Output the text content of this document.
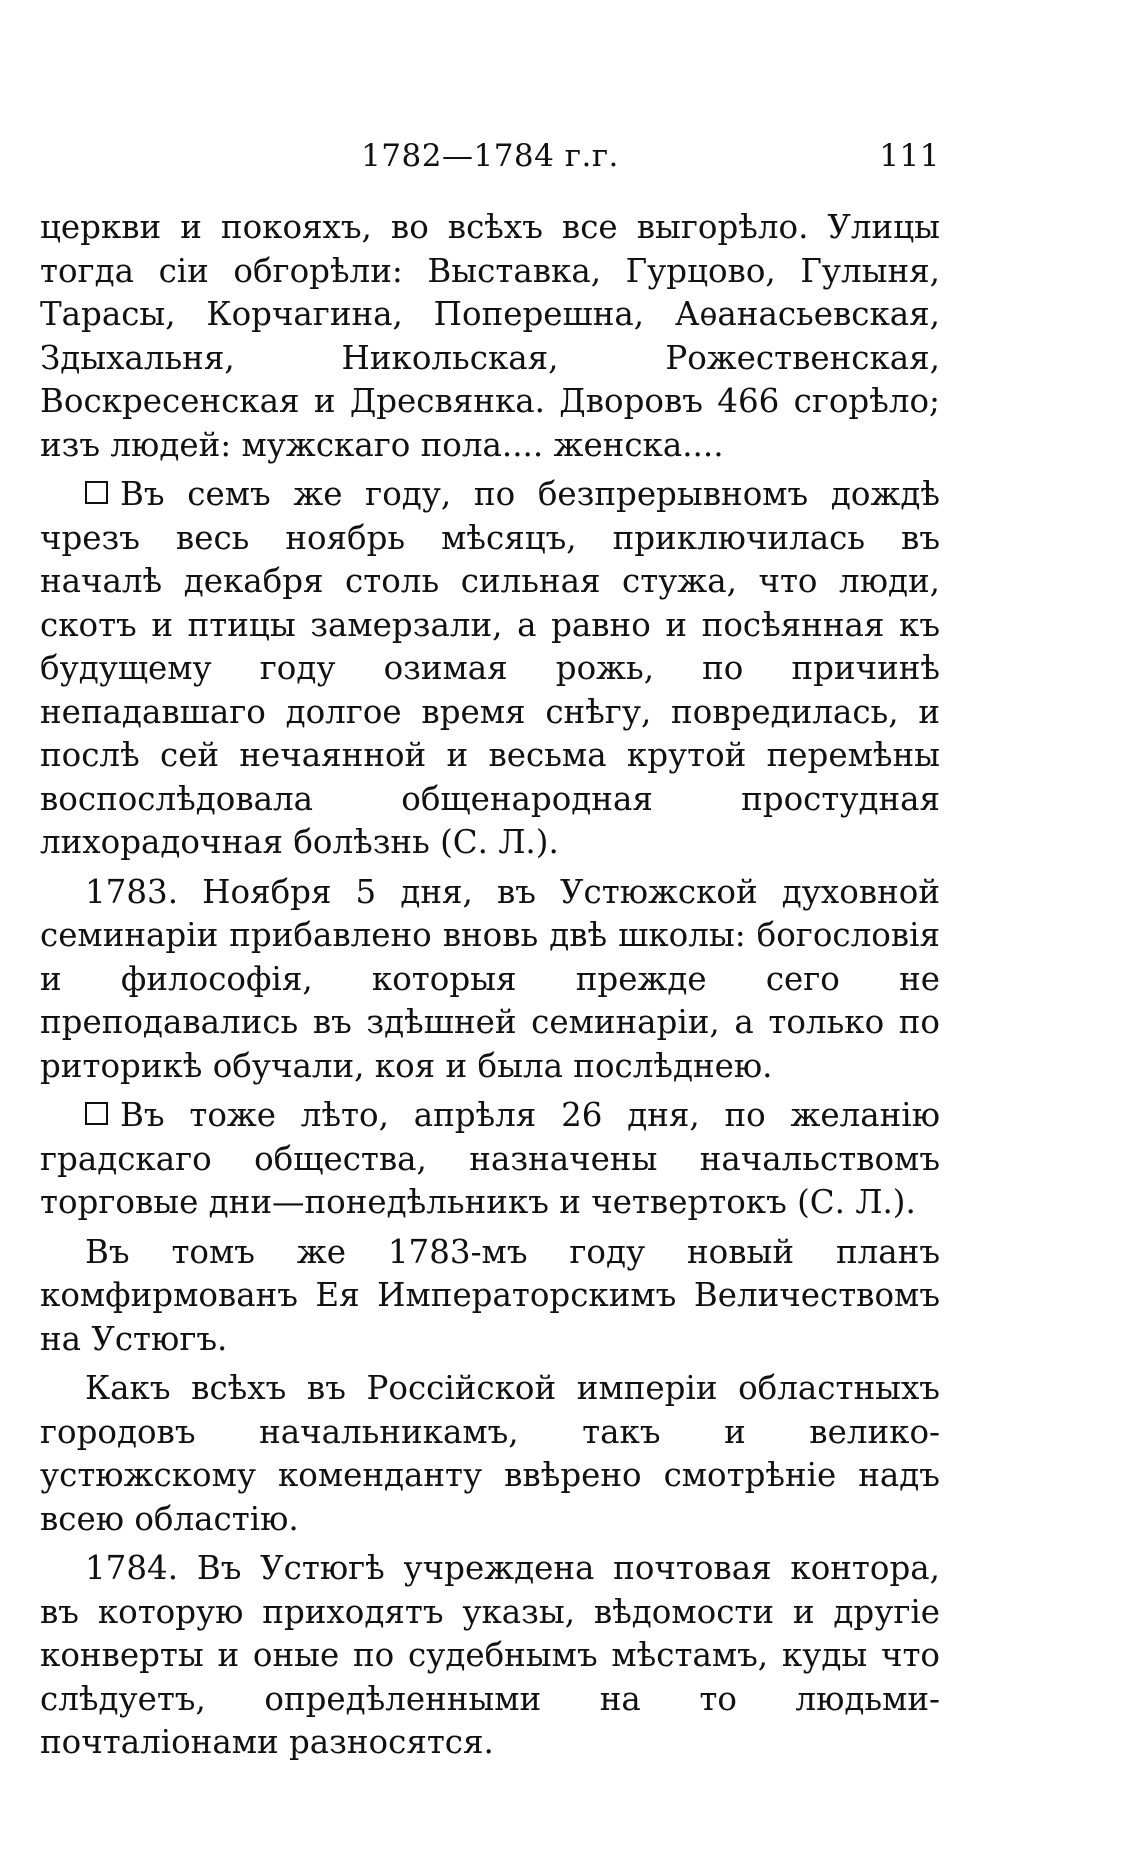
1782—1784 г.г.	111

церкви и покояхъ, во всѣхъ все выгорѣло. Улицы тогда сіи обгорѣли: Выставка, Гурцово, Гулыня, Тарасы, Корчагина, Поперешна, Аѳанасьевская, Здыхальня, Никольская, Рожественская, Воскресенская и Дресвянка. Дворовъ 466 сгорѣло; изъ людей: мужскаго пола.... женска....

Въ семъ же году, по безпрерывномъ дождѣ чрезъ весь ноябрь мѣсяцъ, приключилась въ началѣ декабря столь сильная стужа, что люди, скотъ и птицы замерзали, а равно и посѣянная къ будущему году озимая рожь, по причинѣ непадавшаго долгое время снѣгу, повредилась, и послѣ сей нечаянной и весьма крутой перемѣны воспослѣдовала общенародная простудная лихорадочная болѣзнь (С. Л.).

1783. Ноября 5 дня, въ Устюжской духовной семинаріи прибавлено вновь двѣ школы: богословія и философія, которыя прежде сего не преподавались въ здѣшней семинаріи, а только по риторикѣ обучали, коя и была послѣднею.

Въ тоже лѣто, апрѣля 26 дня, по желанію градскаго общества, назначены начальствомъ торговые дни—понедѣльникъ и четвертокъ (С. Л.).

Въ томъ же 1783-мъ году новый планъ комфирмованъ Ея Императорскимъ Величествомъ на Устюгъ.

Какъ всѣхъ въ Россійской имперіи областныхъ городовъ начальникамъ, такъ и велико-устюжскому коменданту ввѣрено смотрѣніе надъ всею областію.

1784. Въ Устюгѣ учреждена почтовая контора, въ которую приходятъ указы, вѣдомости и другіе конверты и оные по судебнымъ мѣстамъ, куды что слѣдуетъ, опредѣленными на то людьми-почталіонами разносятся.
